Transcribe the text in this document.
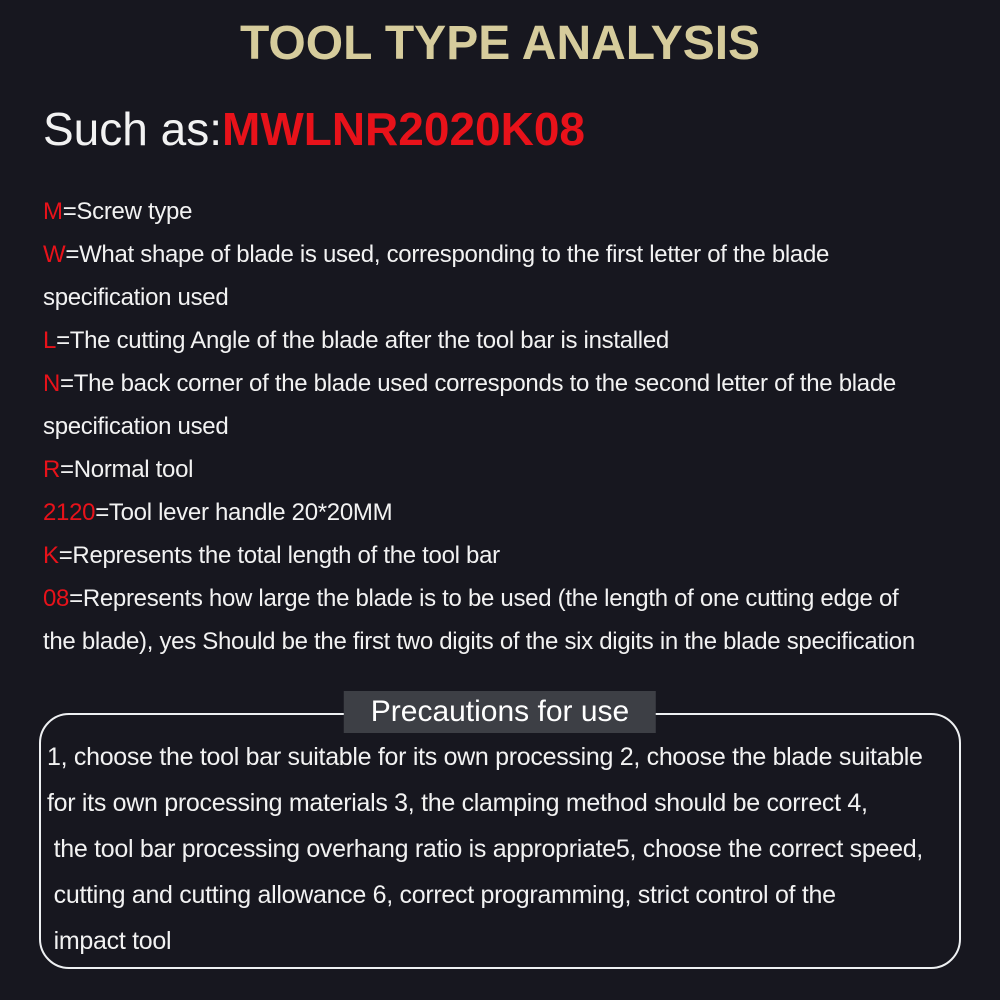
TOOL TYPE ANALYSIS
Such as:MWLNR2020K08
M=Screw type
W=What shape of blade is used, corresponding to the first letter of the blade
specification used
L=The cutting Angle of the blade after the tool bar is installed
N=The back corner of the blade used corresponds to the second letter of the blade
specification used
R=Normal tool
2120=Tool lever handle 20*20MM
K=Represents the total length of the tool bar
08=Represents how large the blade is to be used (the length of one cutting edge of
the blade), yes Should be the first two digits of the six digits in the blade specification
Precautions for use
1, choose the tool bar suitable for its own processing 2, choose the blade suitable
for its own processing materials 3, the clamping method should be correct 4,
the tool bar processing overhang ratio is appropriate5, choose the correct speed,
cutting and cutting allowance 6, correct programming, strict control of the
impact tool
